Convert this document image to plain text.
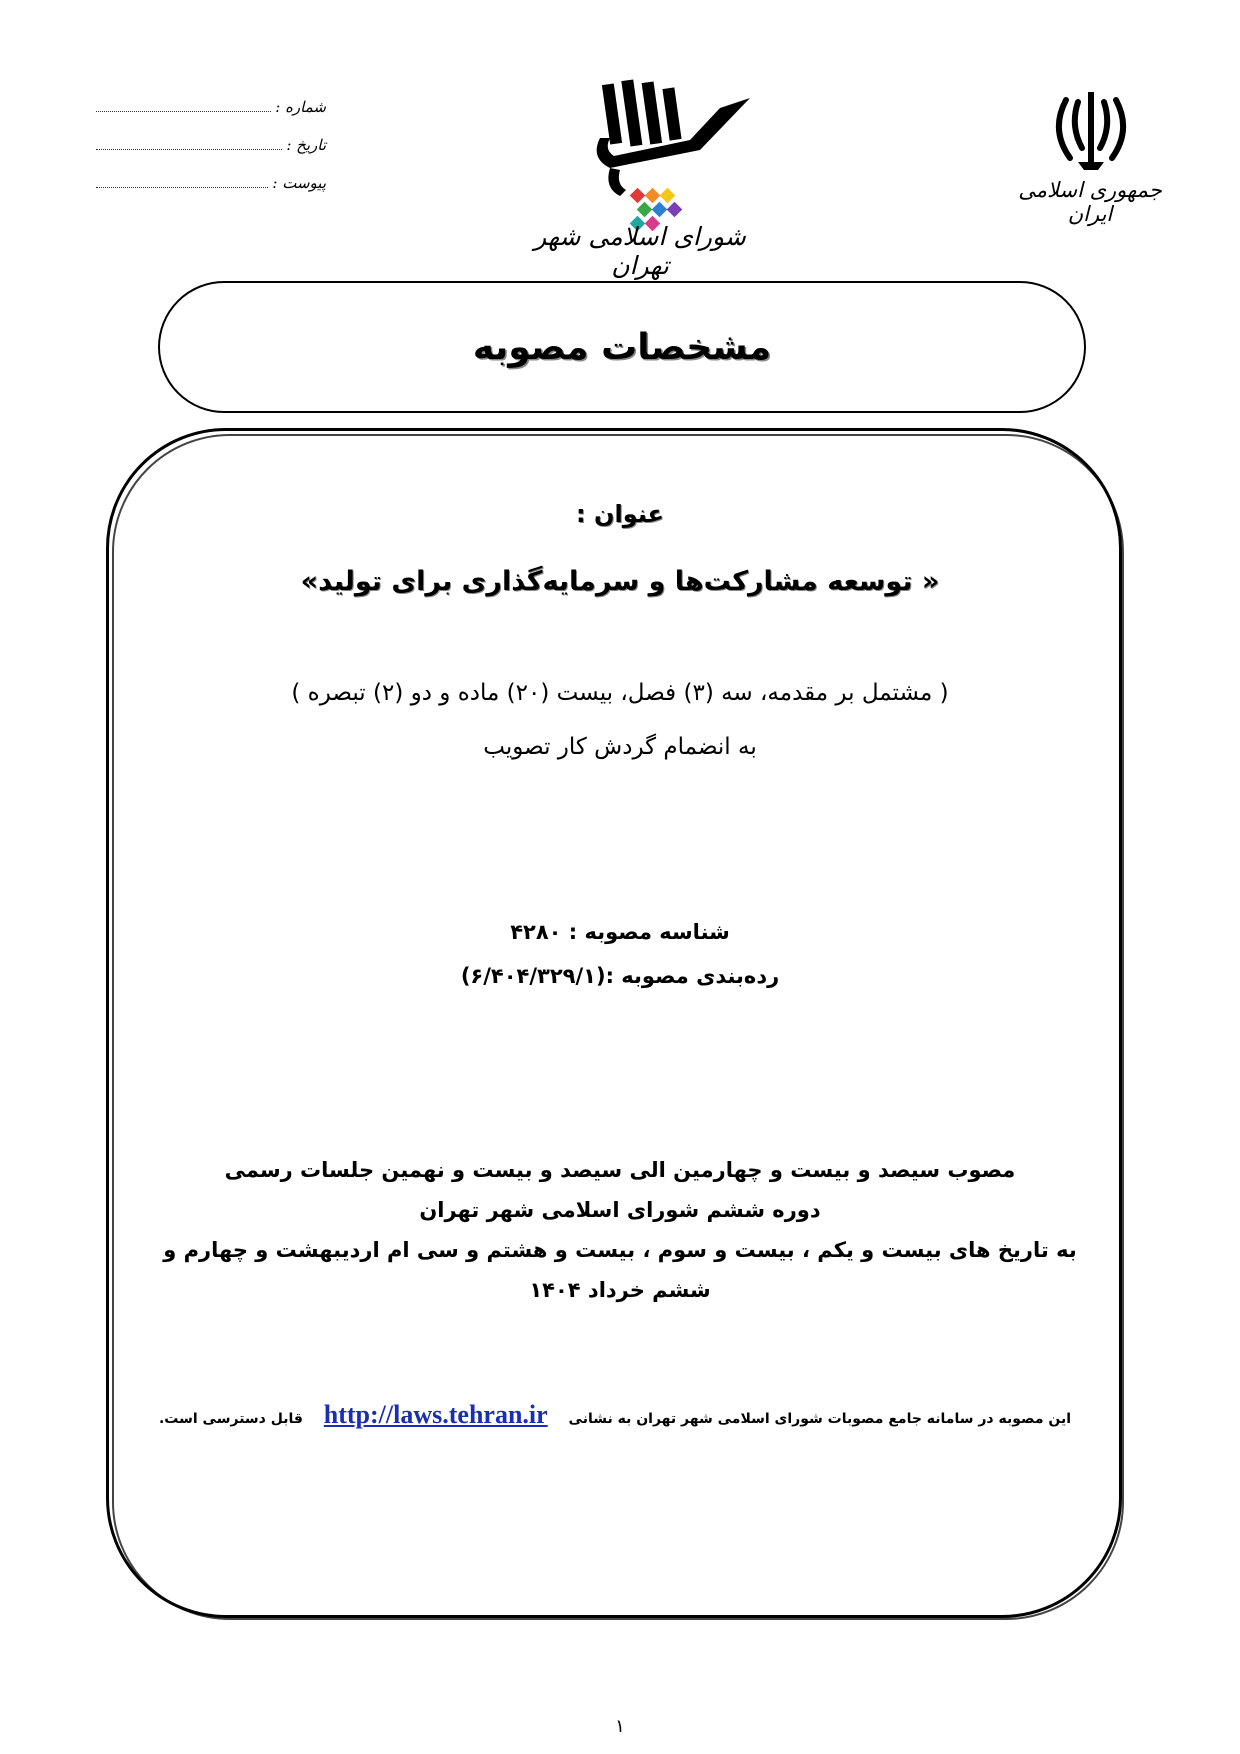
شماره :
تاریخ :
پیوست :
شورای اسلامی شهر تهران
جمهوری اسلامی ایران
مشخصات مصوبه
عنوان :
« توسعه مشارکت‌ها و سرمایه‌گذاری برای تولید»
( مشتمل بر مقدمه، سه (۳) فصل، بیست (۲۰) ماده و دو (۲) تبصره )
به انضمام گردش کار تصویب
شناسه مصوبه : ۴۲۸۰
رده‌بندی مصوبه :(۶/۴۰۴/۳۲۹/۱)
مصوب سیصد و بیست و چهارمین الی سیصد و بیست و نهمین جلسات رسمی
دوره ششم شورای اسلامی شهر تهران
به تاریخ های بیست و یکم ، بیست و سوم ، بیست و هشتم و سی ام اردیبهشت و چهارم و
ششم خرداد ۱۴۰۴
این مصوبه در سامانه جامع مصوبات شورای اسلامی شهر تهران به نشانی http://laws.tehran.ir قابل دسترسی است.
۱
